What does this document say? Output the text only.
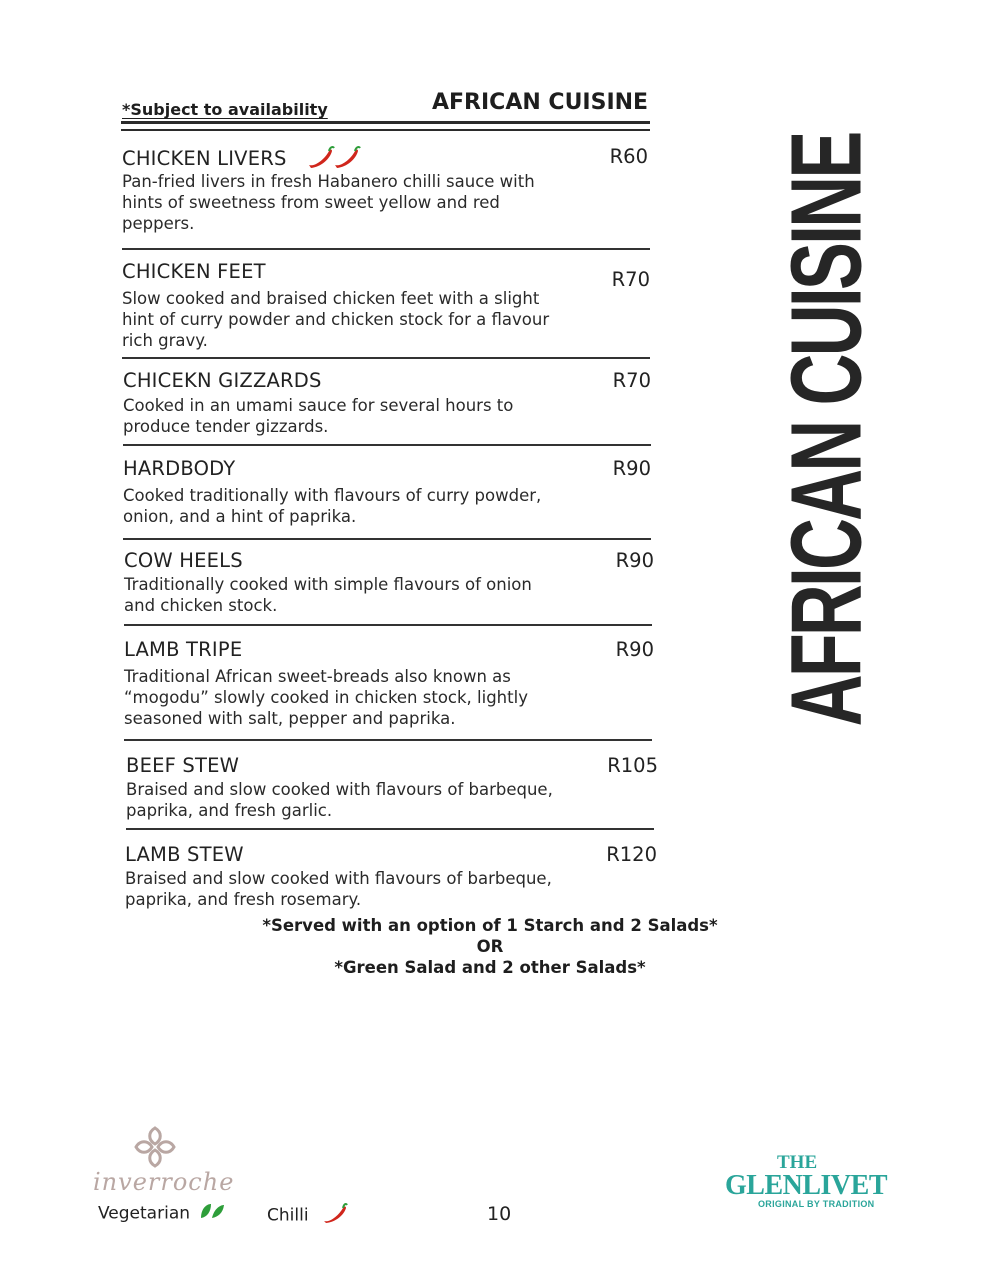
*Subject to availability	AFRICAN CUISINE
CHICKEN LIVERS	R60
Pan-fried livers in fresh Habanero chilli sauce with hints of sweetness from sweet yellow and red peppers.
CHICKEN FEET	R70
Slow cooked and braised chicken feet with a slight hint of curry powder and chicken stock for a flavour rich gravy.
CHICEKN GIZZARDS	R70
Cooked in an umami sauce for several hours to produce tender gizzards.
HARDBODY	R90
Cooked traditionally with flavours of curry powder, onion, and a hint of paprika.
COW HEELS	R90
Traditionally cooked with simple flavours of onion and chicken stock.
LAMB TRIPE	R90
Traditional African sweet-breads also known as “mogodu” slowly cooked in chicken stock, lightly seasoned with salt, pepper and paprika.
BEEF STEW	R105
Braised and slow cooked with flavours of barbeque, paprika, and fresh garlic.
LAMB STEW	R120
Braised and slow cooked with flavours of barbeque, paprika, and fresh rosemary.
*Served with an option of 1 Starch and 2 Salads*
OR
*Green Salad and 2 other Salads*
AFRICAN CUISINE
inverroche
Vegetarian	Chilli	10
THE
GLENLIVET
ORIGINAL BY TRADITION
